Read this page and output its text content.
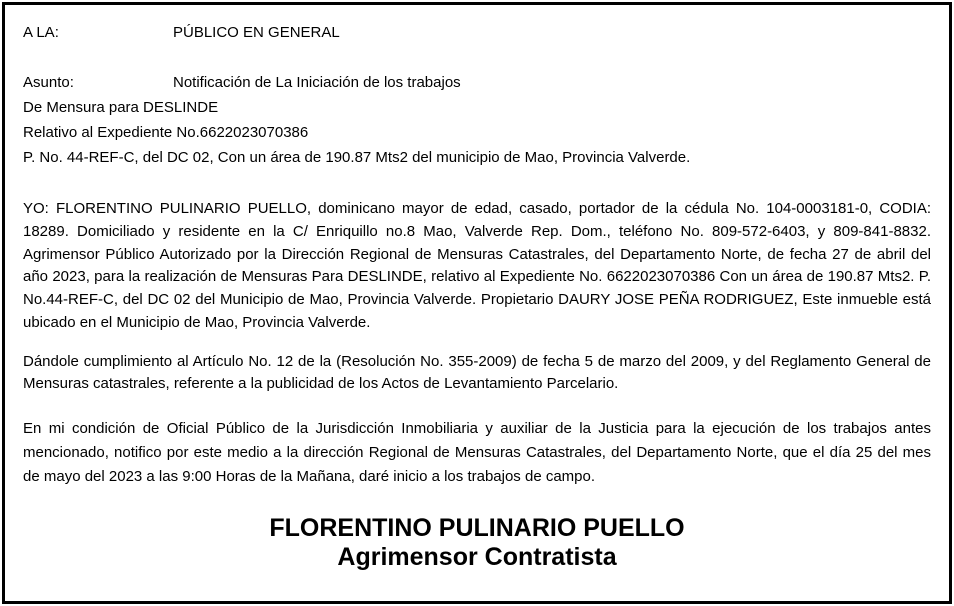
A LA:	PÚBLICO EN GENERAL
Asunto:	Notificación de La Iniciación de los trabajos
De Mensura para DESLINDE
Relativo al Expediente No.6622023070386
P. No. 44-REF-C, del DC 02, Con un área de 190.87 Mts2 del municipio de Mao, Provincia Valverde.

YO: FLORENTINO PULINARIO PUELLO, dominicano mayor de edad, casado, portador de la cédula No. 104-0003181-0, CODIA: 18289. Domiciliado y residente en la C/ Enriquillo no.8 Mao, Valverde Rep. Dom., teléfono No. 809-572-6403, y 809-841-8832. Agrimensor Público Autorizado por la Dirección Regional de Mensuras Catastrales, del Departamento Norte, de fecha 27 de abril del año 2023, para la realización de Mensuras Para DESLINDE, relativo al Expediente No. 6622023070386 Con un área de 190.87 Mts2. P. No.44-REF-C, del DC 02 del Municipio de Mao, Provincia Valverde. Propietario DAURY JOSE PEÑA RODRIGUEZ, Este inmueble está ubicado en el Municipio de Mao, Provincia Valverde.

Dándole cumplimiento al Artículo No. 12 de la (Resolución No. 355-2009) de fecha 5 de marzo del 2009, y del Reglamento General de Mensuras catastrales, referente a la publicidad de los Actos de Levantamiento Parcelario.

En mi condición de Oficial Público de la Jurisdicción Inmobiliaria y auxiliar de la Justicia para la ejecución de los trabajos antes mencionado, notifico por este medio a la dirección Regional de Mensuras Catastrales, del Departamento Norte, que el día 25 del mes de mayo del 2023 a las 9:00 Horas de la Mañana, daré inicio a los trabajos de campo.

FLORENTINO PULINARIO PUELLO
Agrimensor Contratista
